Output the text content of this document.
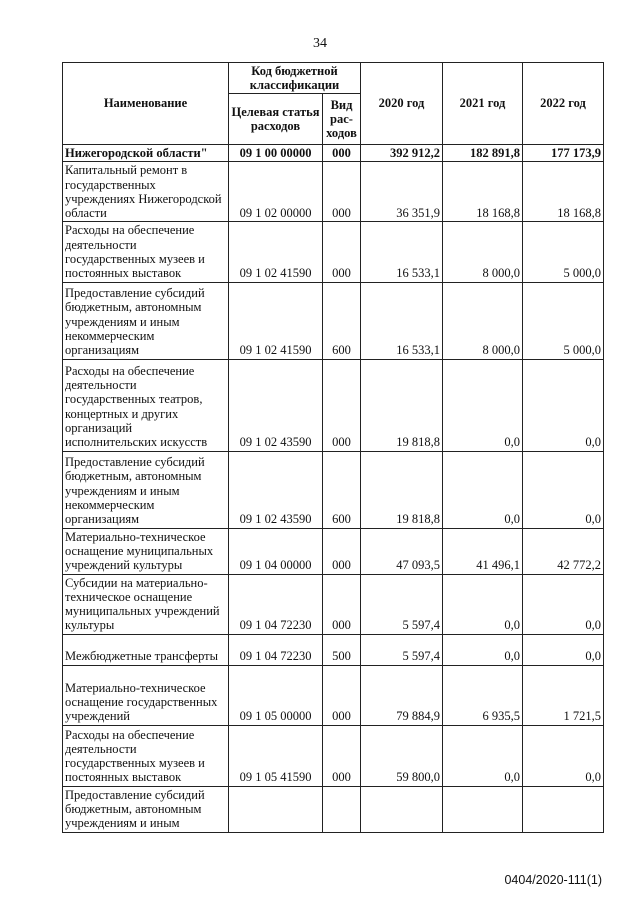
34
Наименование	Код бюджетной классификации		2020 год	2021 год	2022 год
	Целевая статья расходов	Вид рас-ходов			
Нижегородской области"	09 1 00 00000	000	392 912,2	182 891,8	177 173,9
Капитальный ремонт в государственных учреждениях Нижегородской области	09 1 02 00000	000	36 351,9	18 168,8	18 168,8
Расходы на обеспечение деятельности государственных музеев и постоянных выставок	09 1 02 41590	000	16 533,1	8 000,0	5 000,0
Предоставление субсидий бюджетным, автономным учреждениям и иным некоммерческим организациям	09 1 02 41590	600	16 533,1	8 000,0	5 000,0
Расходы на обеспечение деятельности государственных театров, концертных и других организаций исполнительских искусств	09 1 02 43590	000	19 818,8	0,0	0,0
Предоставление субсидий бюджетным, автономным учреждениям и иным некоммерческим организациям	09 1 02 43590	600	19 818,8	0,0	0,0
Материально-техническое оснащение муниципальных учреждений культуры	09 1 04 00000	000	47 093,5	41 496,1	42 772,2
Субсидии на материально-техническое оснащение муниципальных учреждений культуры	09 1 04 72230	000	5 597,4	0,0	0,0
Межбюджетные трансферты	09 1 04 72230	500	5 597,4	0,0	0,0
Материально-техническое оснащение государственных учреждений	09 1 05 00000	000	79 884,9	6 935,5	1 721,5
Расходы на обеспечение деятельности государственных музеев и постоянных выставок	09 1 05 41590	000	59 800,0	0,0	0,0
Предоставление субсидий бюджетным, автономным учреждениям и иным					
0404/2020-111(1)
